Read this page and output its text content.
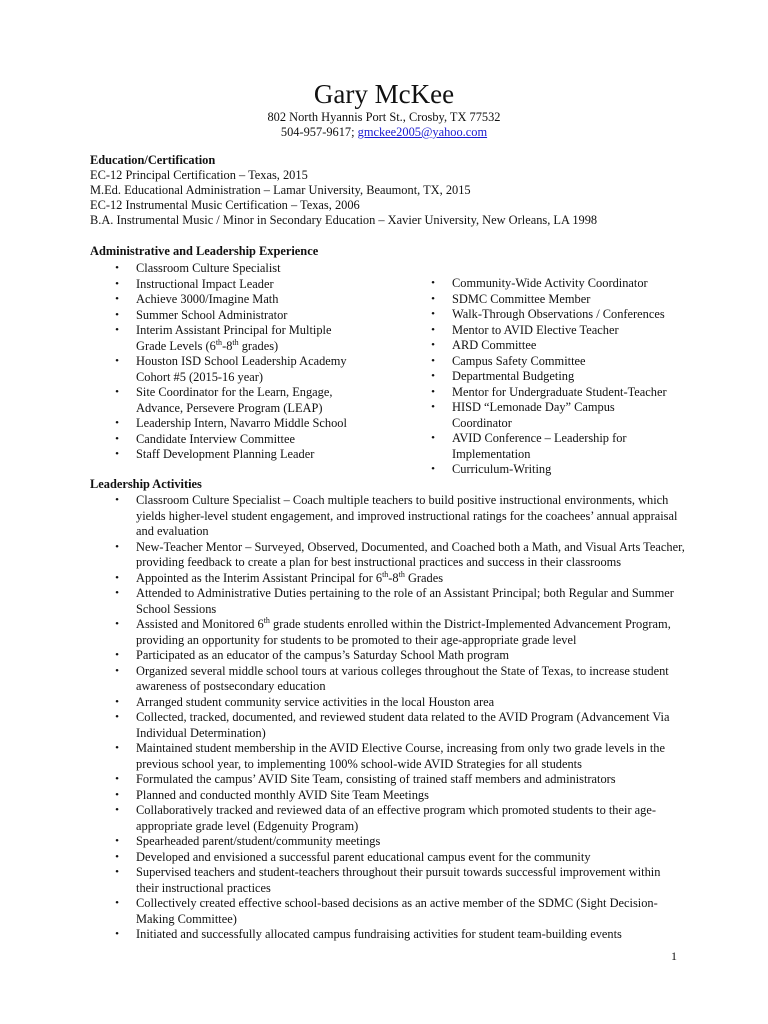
Gary McKee
802 North Hyannis Port St., Crosby, TX 77532
504-957-9617; gmckee2005@yahoo.com
Education/Certification
EC-12 Principal Certification – Texas, 2015
M.Ed. Educational Administration – Lamar University, Beaumont, TX, 2015
EC-12 Instrumental Music Certification – Texas, 2006
B.A. Instrumental Music / Minor in Secondary Education – Xavier University, New Orleans, LA 1998
Administrative and Leadership Experience
• Classroom Culture Specialist
• Instructional Impact Leader
• Achieve 3000/Imagine Math
• Summer School Administrator
• Interim Assistant Principal for Multiple
Grade Levels (6th-8th grades)
• Houston ISD School Leadership Academy
Cohort #5 (2015-16 year)
• Site Coordinator for the Learn, Engage,
Advance, Persevere Program (LEAP)
• Leadership Intern, Navarro Middle School
• Candidate Interview Committee
• Staff Development Planning Leader
• Community-Wide Activity Coordinator
• SDMC Committee Member
• Walk-Through Observations / Conferences
• Mentor to AVID Elective Teacher
• ARD Committee
• Campus Safety Committee
• Departmental Budgeting
• Mentor for Undergraduate Student-Teacher
• HISD “Lemonade Day” Campus
Coordinator
• AVID Conference – Leadership for
Implementation
• Curriculum-Writing
Leadership Activities
• Classroom Culture Specialist – Coach multiple teachers to build positive instructional environments, which yields higher-level student engagement, and improved instructional ratings for the coachees’ annual appraisal and evaluation
• New-Teacher Mentor – Surveyed, Observed, Documented, and Coached both a Math, and Visual Arts Teacher, providing feedback to create a plan for best instructional practices and success in their classrooms
• Appointed as the Interim Assistant Principal for 6th-8th Grades
• Attended to Administrative Duties pertaining to the role of an Assistant Principal; both Regular and Summer School Sessions
• Assisted and Monitored 6th grade students enrolled within the District-Implemented Advancement Program, providing an opportunity for students to be promoted to their age-appropriate grade level
• Participated as an educator of the campus’s Saturday School Math program
• Organized several middle school tours at various colleges throughout the State of Texas, to increase student awareness of postsecondary education
• Arranged student community service activities in the local Houston area
• Collected, tracked, documented, and reviewed student data related to the AVID Program (Advancement Via Individual Determination)
• Maintained student membership in the AVID Elective Course, increasing from only two grade levels in the previous school year, to implementing 100% school-wide AVID Strategies for all students
• Formulated the campus’ AVID Site Team, consisting of trained staff members and administrators
• Planned and conducted monthly AVID Site Team Meetings
• Collaboratively tracked and reviewed data of an effective program which promoted students to their age-appropriate grade level (Edgenuity Program)
• Spearheaded parent/student/community meetings
• Developed and envisioned a successful parent educational campus event for the community
• Supervised teachers and student-teachers throughout their pursuit towards successful improvement within their instructional practices
• Collectively created effective school-based decisions as an active member of the SDMC (Sight Decision-Making Committee)
• Initiated and successfully allocated campus fundraising activities for student team-building events
1
